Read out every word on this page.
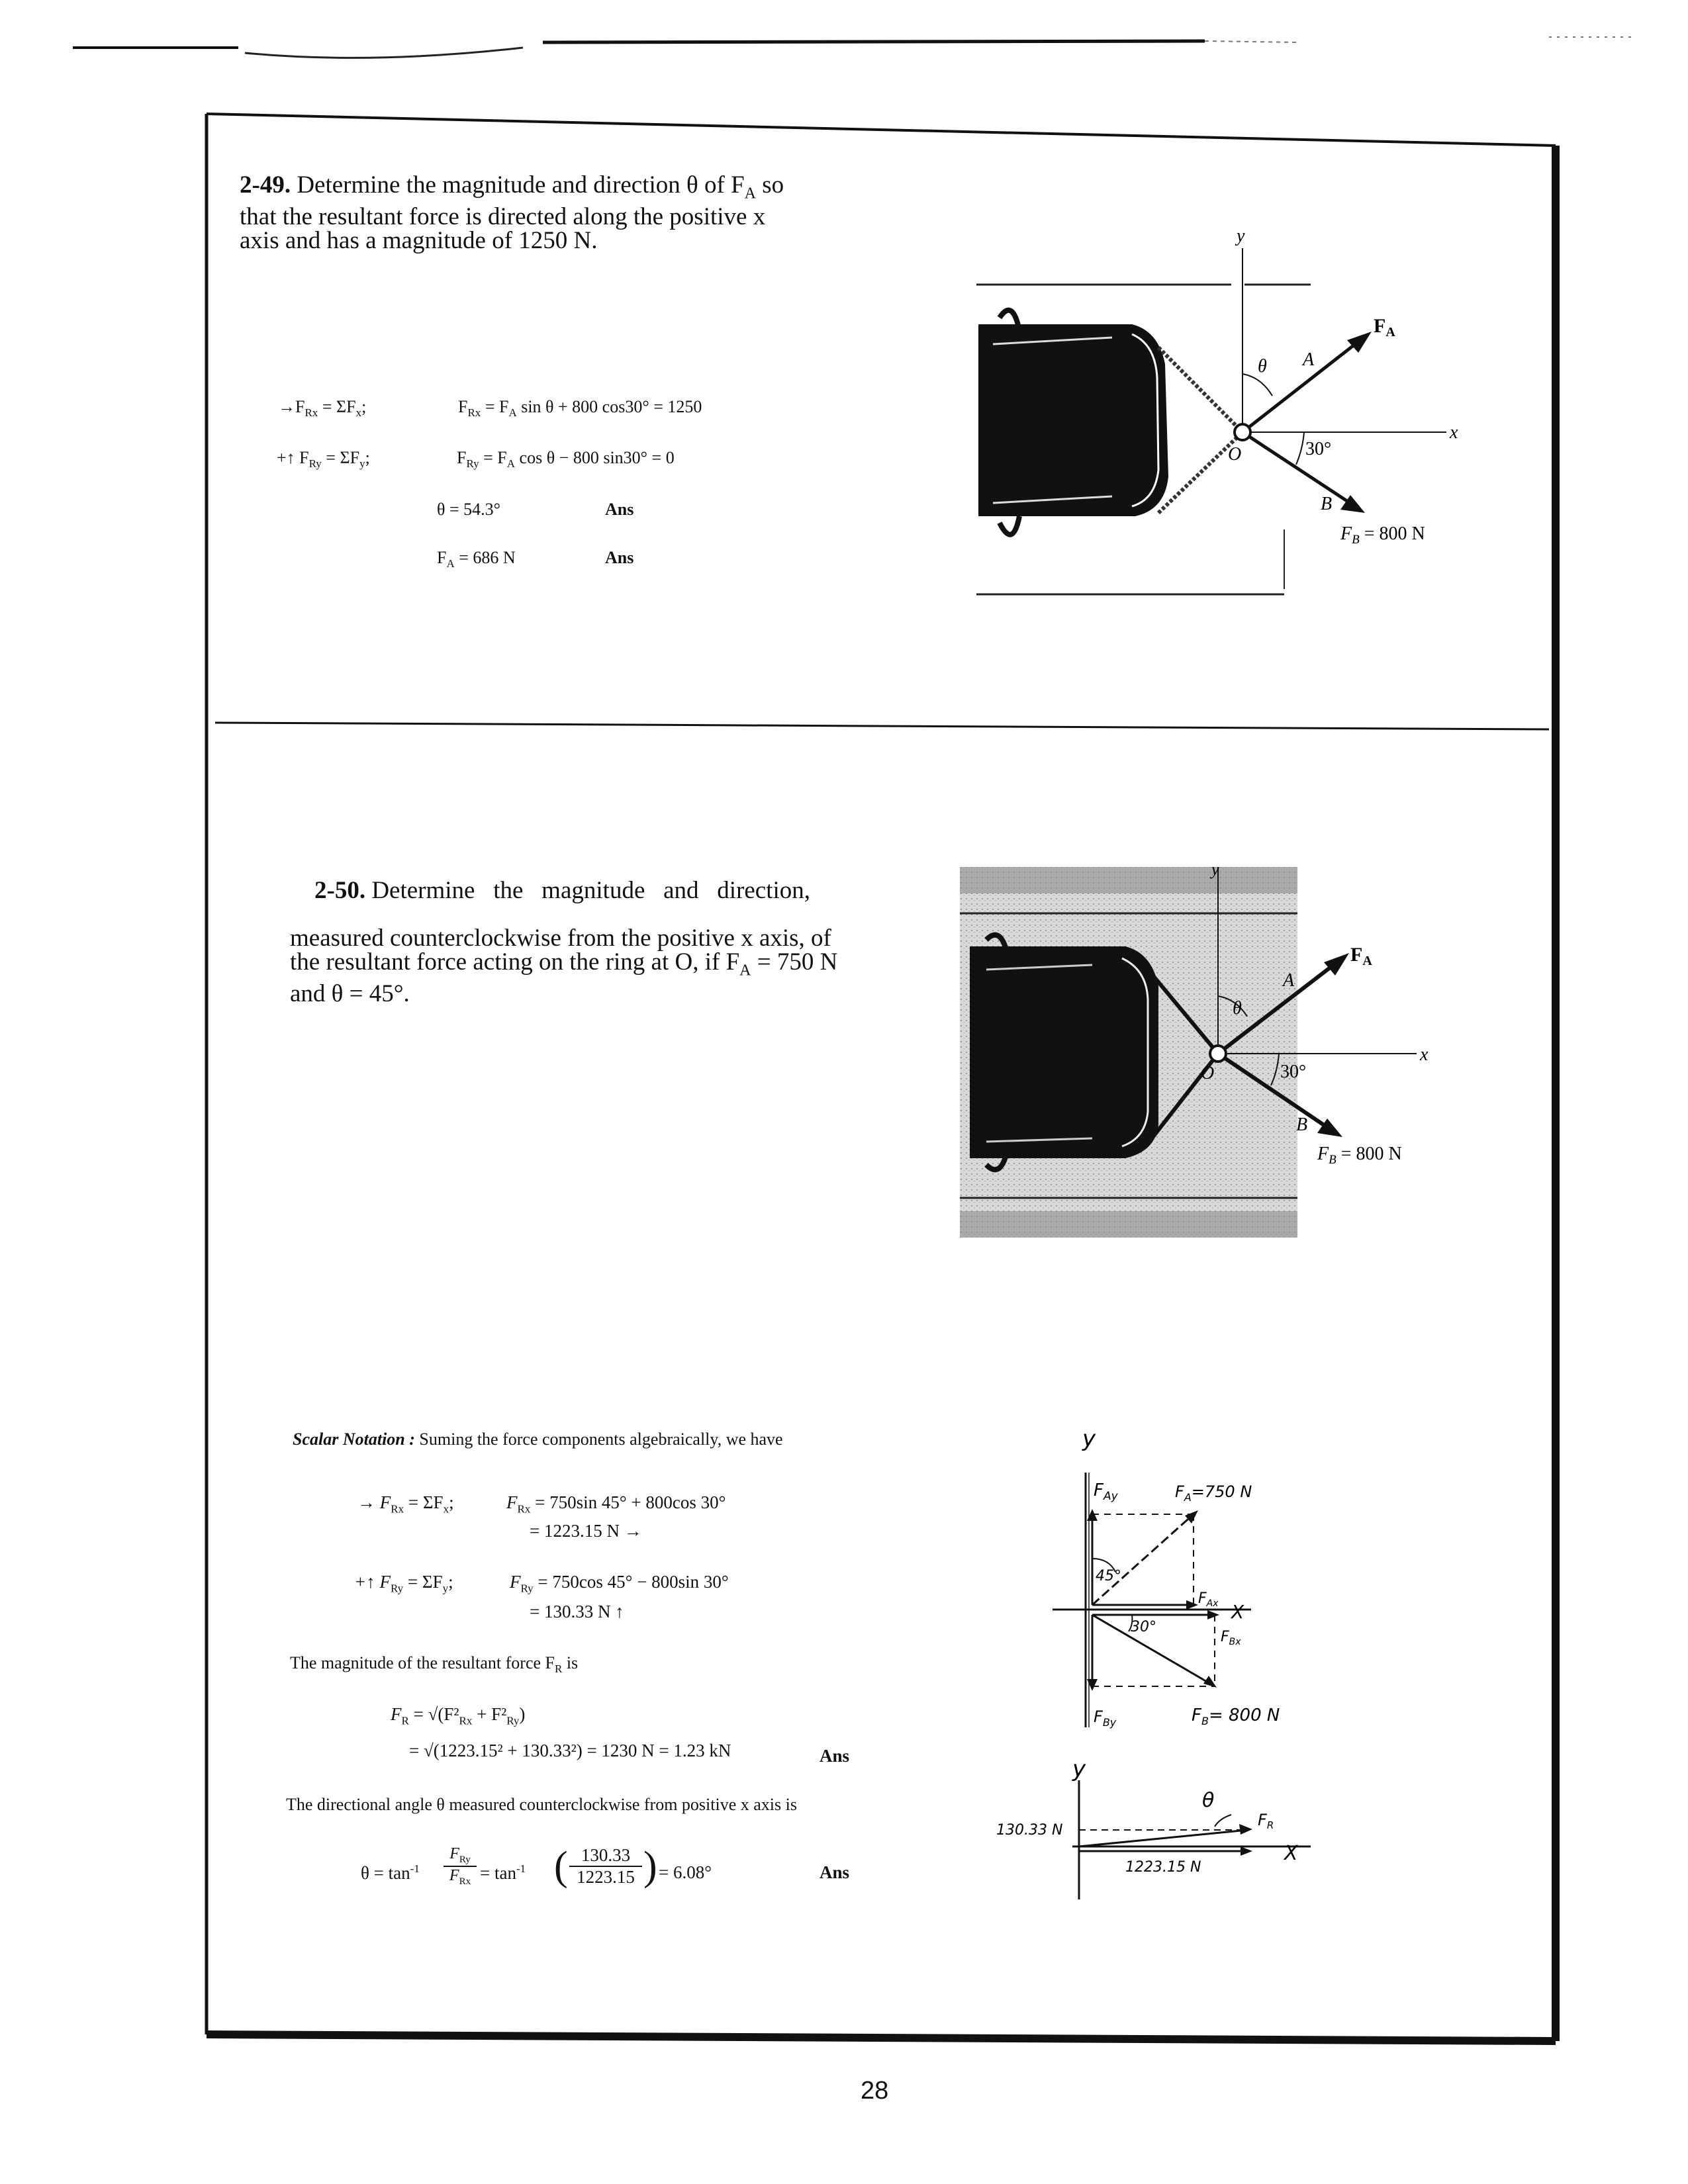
2-49. Determine the magnitude and direction θ of $F_A$ so
that the resultant force is directed along the positive x
axis and has a magnitude of 1250 N.
$\to F_{Rx} = \Sigma F_x$;	$F_{Rx} = F_A$ sin θ + 800 cos30° = 1250
+↑ $F_{Ry} = \Sigma F_y$;	$F_{Ry} = F_A$ cos θ − 800 sin30° = 0
θ = 54.3°	Ans
$F_A = 686$ N	Ans
y
x
$F_A$
A
θ
O	30°
B
$F_B = 800$ N

2-50. Determine   the   magnitude   and   direction,

measured counterclockwise from the positive x axis, of
the resultant force acting on the ring at O, if $F_A = 750$ N
and θ = 45°.
y
x
$F_A$
A
θ
O	30°
B
$F_B = 800$ N
Scalar Notation : Suming the force components algebraically, we have
→ $F_{Rx} = \Sigma F_x$;	$F_{Rx} = 750\sin$ 45° + 800cos 30°
= 1223.15 N →
+↑ $F_{Ry} = \Sigma F_y$;	$F_{Ry} = 750\cos$ 45° − 800sin 30°
= 130.33 N ↑
The magnitude of the resultant force $F_R$ is
$F_R = √(F^2_{Rx} + F^2_{Ry})$
= √(1223.15² + 130.33²) = 1230 N = 1.23 kN	Ans
The directional angle θ measured counterclockwise from positive x axis is
$\theta = \tan^{-1}$
$F_{Ry}$
$F_{Rx} = \tan^{-1}$ ( 130.33
1223.15 ) = 6.08°	Ans
y
$F_{Ay}$	$F_A=750$ N
45°
$F_{Ax}$ X
30°
$F_{Bx}$
$F_{By}$	$F_B= 800$ N
y
θ
$F_R$
130.33 N
1223.15 N
X
28
